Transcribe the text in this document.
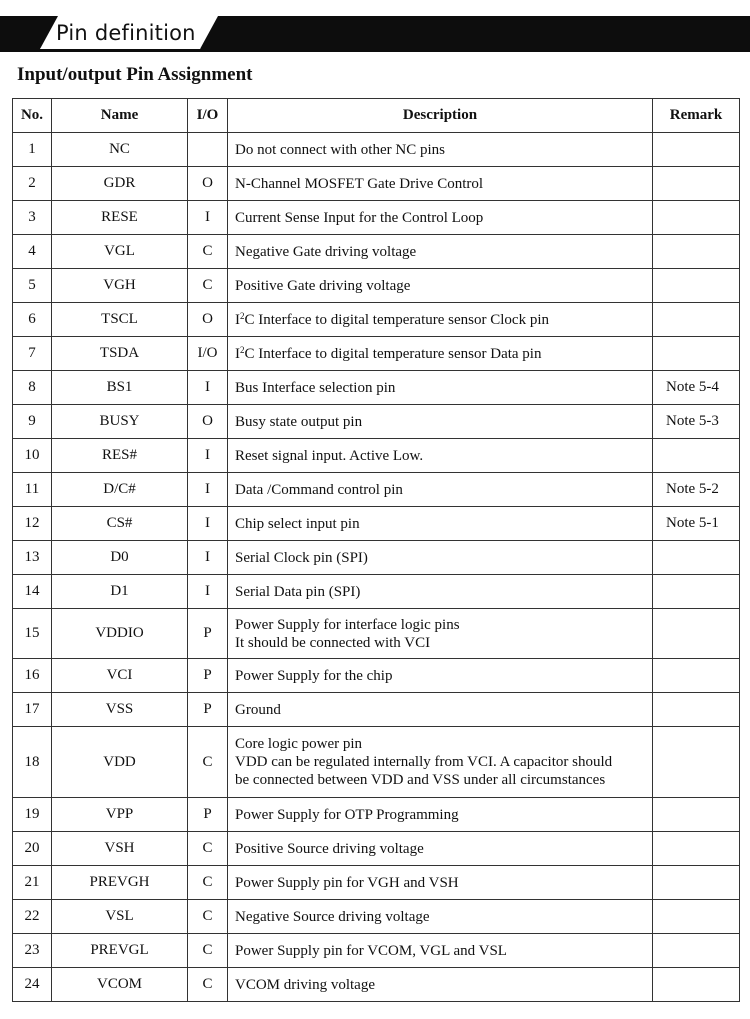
Pin definition
Input/output Pin Assignment
No.	Name	I/O	Description	Remark
1	NC		Do not connect with other NC pins	

2	GDR	O	N-Channel MOSFET Gate Drive Control	

3	RESE	I	Current Sense Input for the Control Loop	

4	VGL	C	Negative Gate driving voltage	

5	VGH	C	Positive Gate driving voltage	

6	TSCL	O	$I^2C$ Interface to digital temperature sensor Clock pin	

7	TSDA	I/O	$I^2C$ Interface to digital temperature sensor Data pin	

8	BS1	I	Bus Interface selection pin	Note 5-4
9	BUSY	O	Busy state output pin	Note 5-3
10	RES#	I	Reset signal input. Active Low.	

11	D/C#	I	Data /Command control pin	Note 5-2
12	CS#	I	Chip select input pin	Note 5-1
13	D0	I	Serial Clock pin (SPI)	

14	D1	I	Serial Data pin (SPI)	

15	VDDIO	P	Power Supply for interface logic pins
It should be connected with VCI	

16	VCI	P	Power Supply for the chip	

17	VSS	P	Ground	

18	VDD	C	Core logic power pin
VDD can be regulated internally from VCI. A capacitor should
be connected between VDD and VSS under all circumstances	

19	VPP	P	Power Supply for OTP Programming	

20	VSH	C	Positive Source driving voltage	

21	PREVGH	C	Power Supply pin for VGH and VSH	

22	VSL	C	Negative Source driving voltage	

23	PREVGL	C	Power Supply pin for VCOM, VGL and VSL	

24	VCOM	C	VCOM driving voltage	
